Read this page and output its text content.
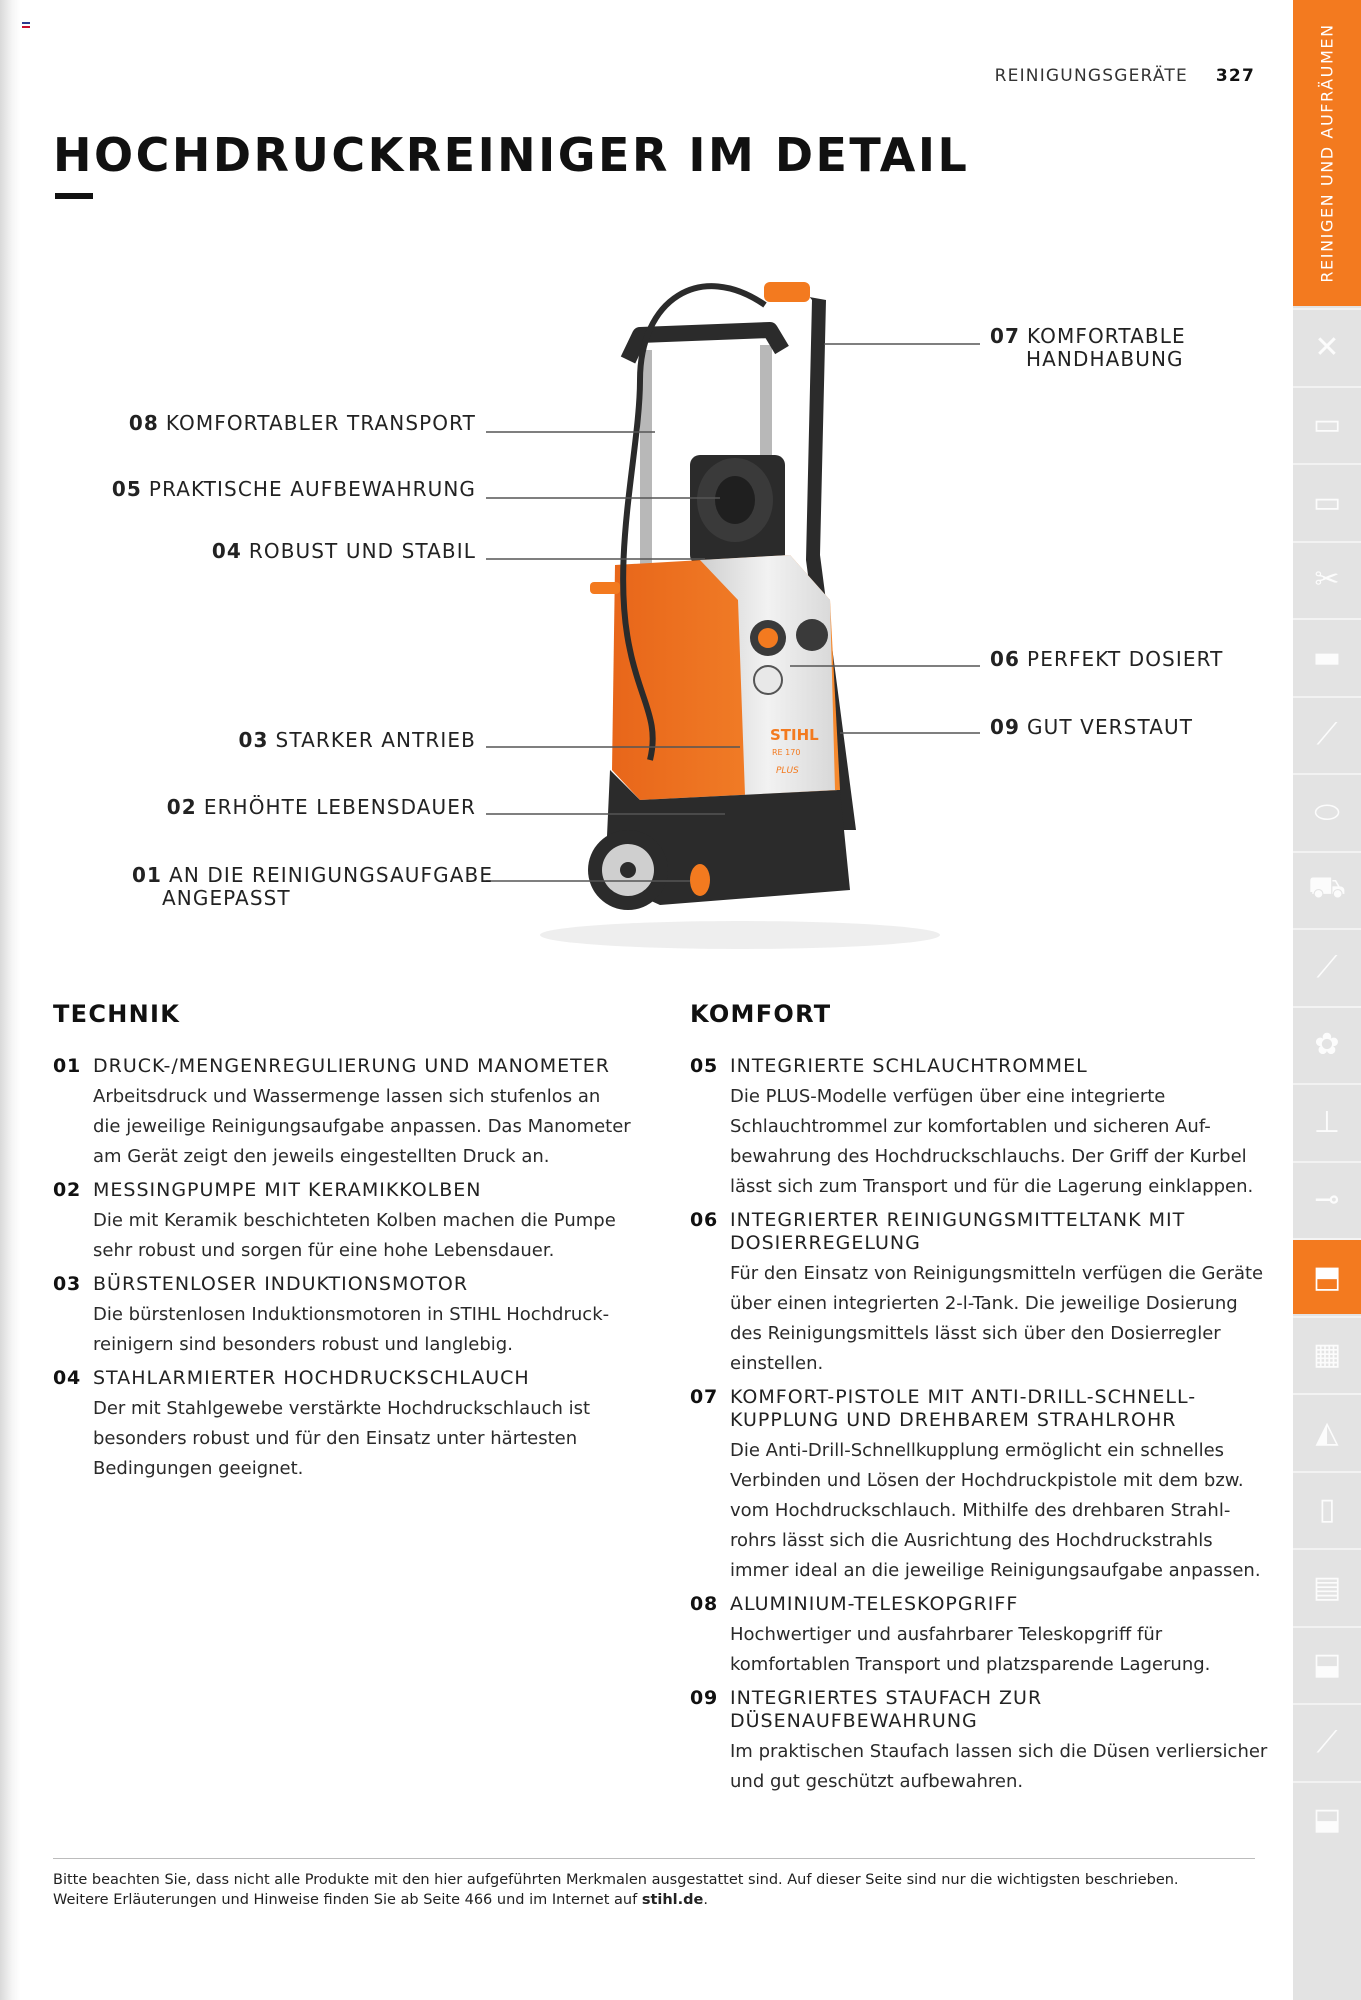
REINIGUNGSGERÄTE 327
HOCHDRUCKREINIGER IM DETAIL	REINIGEN UND AUFRÄUMEN
✕
▭
▭
✂
▬
⟋
⬭
⛟
⟋
✿
⊥
⊸
⬒
▦
◭
▯
▤
⬓
⟋
⬓
STIHL
RE 170
PLUS
07 KOMFORTABLE
HANDHABUNG
08 KOMFORTABLER TRANSPORT
05 PRAKTISCHE AUFBEWAHRUNG
04 ROBUST UND STABIL
06 PERFEKT DOSIERT
09 GUT VERSTAUT
03 STARKER ANTRIEB
02 ERHÖHTE LEBENSDAUER
01 AN DIE REINIGUNGSAUFGABE
ANGEPASST
TECHNIK
01 DRUCK-/MENGENREGULIERUNG UND MANOMETER
Arbeitsdruck und Wassermenge lassen sich stufenlos an die jeweilige Reinigungsaufgabe anpassen. Das Manometer am Gerät zeigt den jeweils eingestellten Druck an.
02 MESSINGPUMPE MIT KERAMIKKOLBEN
Die mit Keramik beschichteten Kolben machen die Pumpe sehr robust und sorgen für eine hohe Lebensdauer.
03 BÜRSTENLOSER INDUKTIONSMOTOR
Die bürstenlosen Induktionsmotoren in STIHL Hochdruck-reinigern sind besonders robust und langlebig.
04 STAHLARMIERTER HOCHDRUCKSCHLAUCH
Der mit Stahlgewebe verstärkte Hochdruckschlauch ist besonders robust und für den Einsatz unter härtesten Bedingungen geeignet.
KOMFORT
05 INTEGRIERTE SCHLAUCHTROMMEL
Die PLUS-Modelle verfügen über eine integrierte Schlauchtrommel zur komfortablen und sicheren Auf-bewahrung des Hochdruckschlauchs. Der Griff der Kurbel lässt sich zum Transport und für die Lagerung einklappen.
06 INTEGRIERTER REINIGUNGSMITTELTANK MIT DOSIERREGELUNG
Für den Einsatz von Reinigungsmitteln verfügen die Geräte über einen integrierten 2-l-Tank. Die jeweilige Dosierung des Reinigungsmittels lässt sich über den Dosierregler einstellen.
07 KOMFORT-PISTOLE MIT ANTI-DRILL-SCHNELL-KUPPLUNG UND DREHBAREM STRAHLROHR
Die Anti-Drill-Schnellkupplung ermöglicht ein schnelles Verbinden und Lösen der Hochdruckpistole mit dem bzw. vom Hochdruckschlauch. Mithilfe des drehbaren Strahl-rohrs lässt sich die Ausrichtung des Hochdruckstrahls immer ideal an die jeweilige Reinigungsaufgabe anpassen.
08 ALUMINIUM-TELESKOPGRIFF
Hochwertiger und ausfahrbarer Teleskopgriff für komfortablen Transport und platzsparende Lagerung.
09 INTEGRIERTES STAUFACH ZUR DÜSENAUFBEWAHRUNG
Im praktischen Staufach lassen sich die Düsen verliersicher und gut geschützt aufbewahren.
Bitte beachten Sie, dass nicht alle Produkte mit den hier aufgeführten Merkmalen ausgestattet sind. Auf dieser Seite sind nur die wichtigsten beschrieben.
Weitere Erläuterungen und Hinweise finden Sie ab Seite 466 und im Internet auf stihl.de.
